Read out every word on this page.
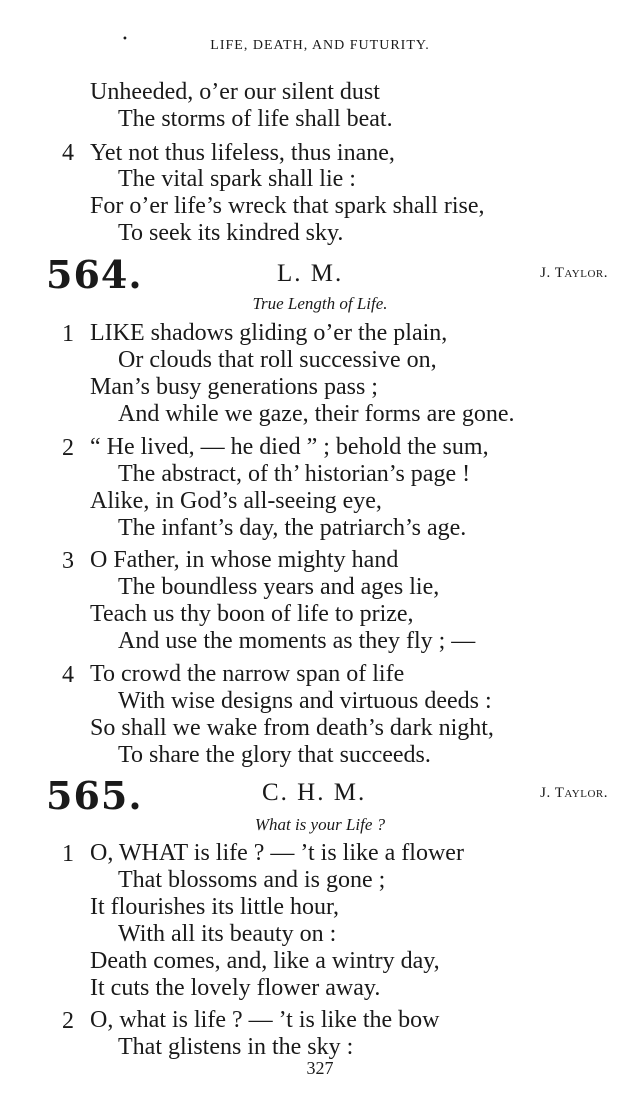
•	LIFE, DEATH, AND FUTURITY.
Unheeded, o’er our silent dust
The storms of life shall beat.
4 Yet not thus lifeless, thus inane,
The vital spark shall lie :
For o’er life’s wreck that spark shall rise,
To seek its kindred sky.
564.	L. M.	J. Taylor.
True Length of Life.
1 LIKE shadows gliding o’er the plain,
Or clouds that roll successive on,
Man’s busy generations pass ;
And while we gaze, their forms are gone.
2 “ He lived, — he died ” ; behold the sum,
The abstract, of th’ historian’s page !
Alike, in God’s all-seeing eye,
The infant’s day, the patriarch’s age.
3 O Father, in whose mighty hand
The boundless years and ages lie,
Teach us thy boon of life to prize,
And use the moments as they fly ; —
4 To crowd the narrow span of life
With wise designs and virtuous deeds :
So shall we wake from death’s dark night,
To share the glory that succeeds.
565.	C. H. M.	J. Taylor.
What is your Life ?
1 O, WHAT is life ? — ’t is like a flower
That blossoms and is gone ;
It flourishes its little hour,
With all its beauty on :
Death comes, and, like a wintry day,
It cuts the lovely flower away.
2 O, what is life ? — ’t is like the bow
That glistens in the sky :
327
